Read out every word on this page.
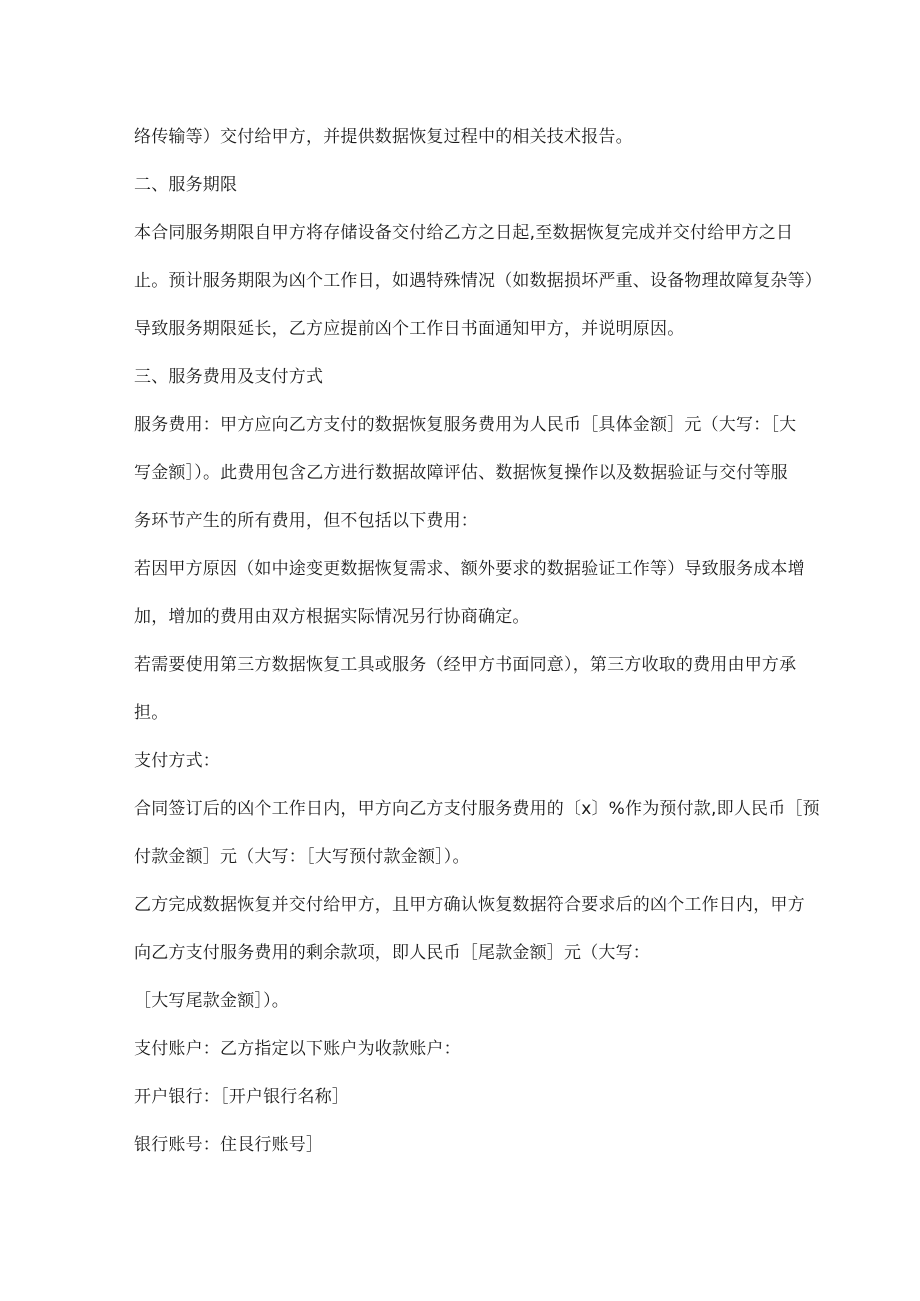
络传输等）交付给甲方，并提供数据恢复过程中的相关技术报告。
二、服务期限
本合同服务期限自甲方将存储设备交付给乙方之日起,至数据恢复完成并交付给甲方之日
止。预计服务期限为凶个工作日，如遇特殊情况（如数据损坏严重、设备物理故障复杂等）
导致服务期限延长，乙方应提前凶个工作日书面通知甲方，并说明原因。
三、服务费用及支付方式
服务费用：甲方应向乙方支付的数据恢复服务费用为人民币［具体金额］元（大写：［大
写金额］）。此费用包含乙方进行数据故障评估、数据恢复操作以及数据验证与交付等服
务环节产生的所有费用，但不包括以下费用：
若因甲方原因（如中途变更数据恢复需求、额外要求的数据验证工作等）导致服务成本增
加，增加的费用由双方根据实际情况另行协商确定。
若需要使用第三方数据恢复工具或服务（经甲方书面同意），第三方收取的费用由甲方承
担。
支付方式：
合同签订后的凶个工作日内，甲方向乙方支付服务费用的〔x〕%作为预付款,即人民币［预
付款金额］元（大写：［大写预付款金额］）。
乙方完成数据恢复并交付给甲方，且甲方确认恢复数据符合要求后的凶个工作日内，甲方
向乙方支付服务费用的剩余款项，即人民币［尾款金额］元（大写：
［大写尾款金额］）。
支付账户：乙方指定以下账户为收款账户：
开户银行：［开户银行名称］
银行账号：住艮行账号］
